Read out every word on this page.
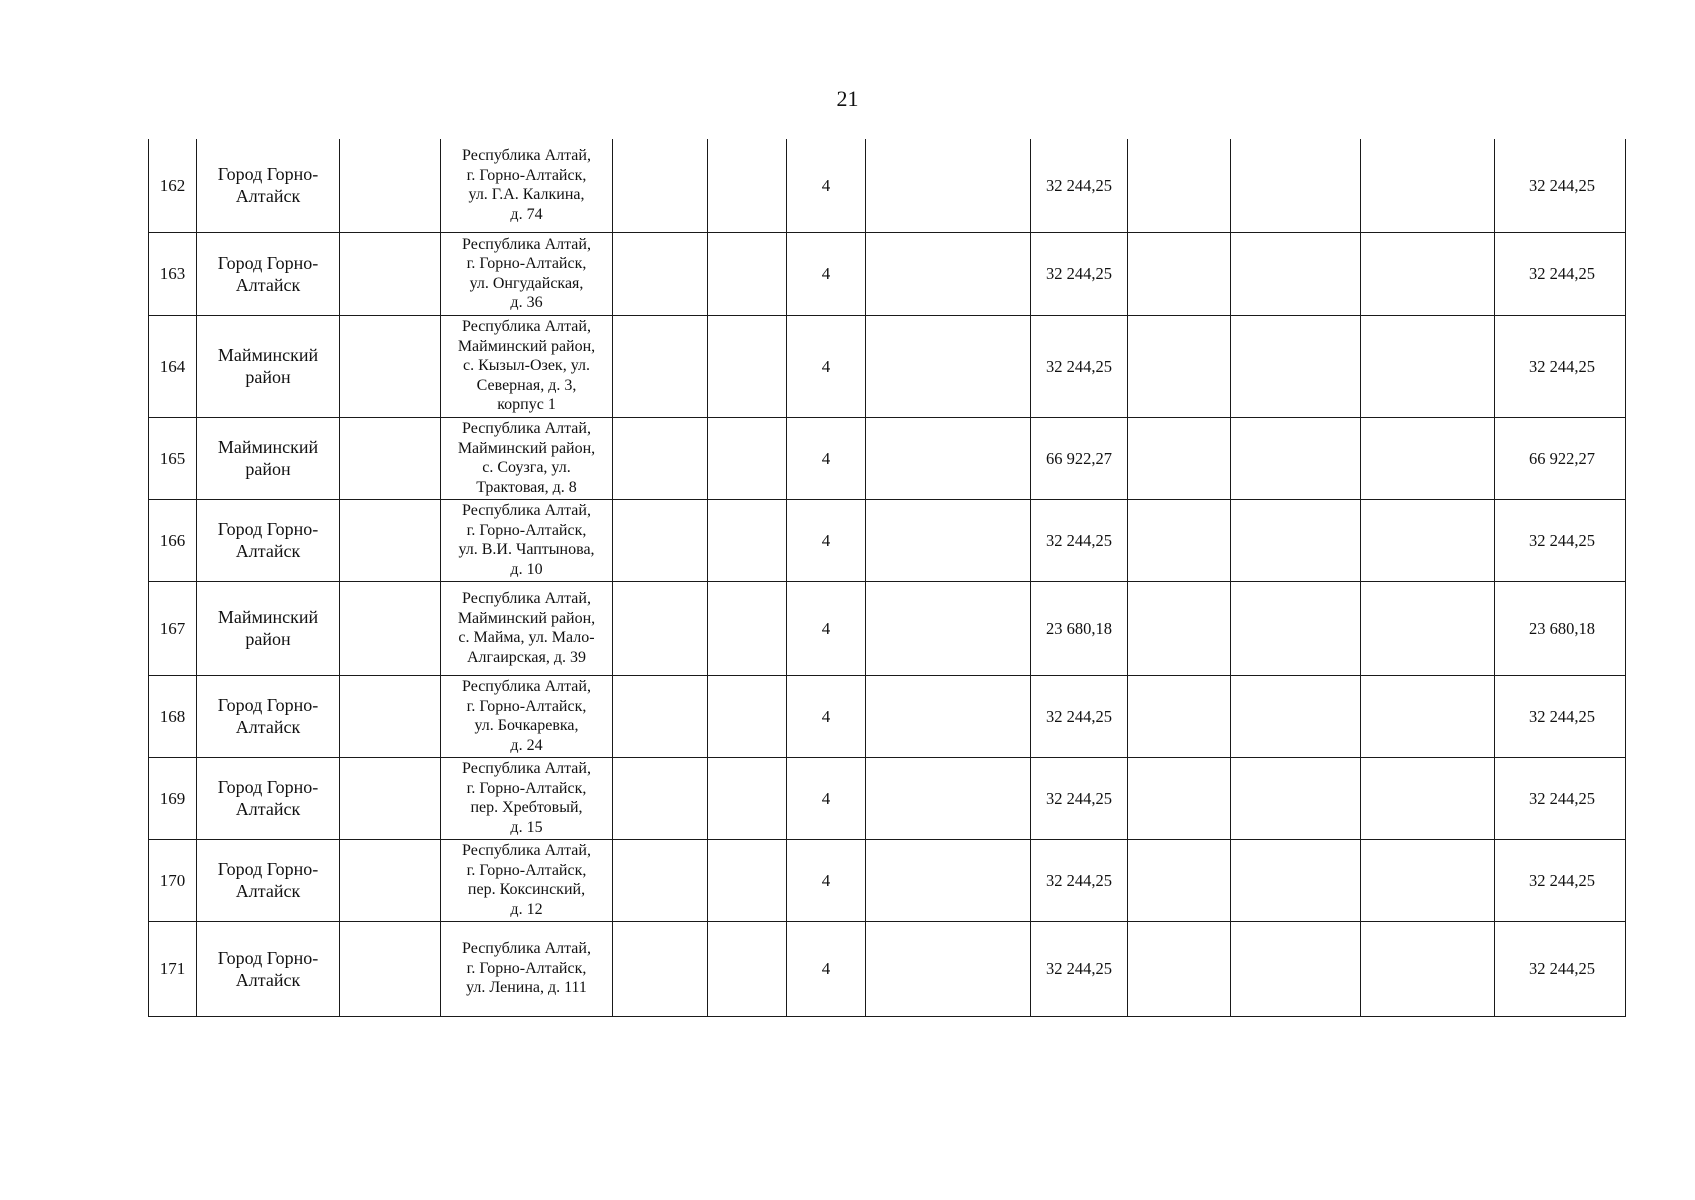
21
162	Город Горно-
Алтайск		Республика Алтай,
г. Горно-Алтайск,
ул. Г.А. Калкина,
д. 74			4		32 244,25				32 244,25
163	Город Горно-
Алтайск		Республика Алтай,
г. Горно-Алтайск,
ул. Онгудайская,
д. 36			4		32 244,25				32 244,25
164	Майминский
район		Республика Алтай,
Майминский район,
с. Кызыл-Озек, ул.
Северная, д. 3,
корпус 1			4		32 244,25				32 244,25
165	Майминский
район		Республика Алтай,
Майминский район,
с. Соузга, ул.
Трактовая, д. 8			4		66 922,27				66 922,27
166	Город Горно-
Алтайск		Республика Алтай,
г. Горно-Алтайск,
ул. В.И. Чаптынова,
д. 10			4		32 244,25				32 244,25
167	Майминский
район		Республика Алтай,
Майминский район,
с. Майма, ул. Мало-
Алгаирская, д. 39			4		23 680,18				23 680,18
168	Город Горно-
Алтайск		Республика Алтай,
г. Горно-Алтайск,
ул. Бочкаревка,
д. 24			4		32 244,25				32 244,25
169	Город Горно-
Алтайск		Республика Алтай,
г. Горно-Алтайск,
пер. Хребтовый,
д. 15			4		32 244,25				32 244,25
170	Город Горно-
Алтайск		Республика Алтай,
г. Горно-Алтайск,
пер. Коксинский,
д. 12			4		32 244,25				32 244,25
171	Город Горно-
Алтайск		Республика Алтай,
г. Горно-Алтайск,
ул. Ленина, д. 111			4		32 244,25				32 244,25
